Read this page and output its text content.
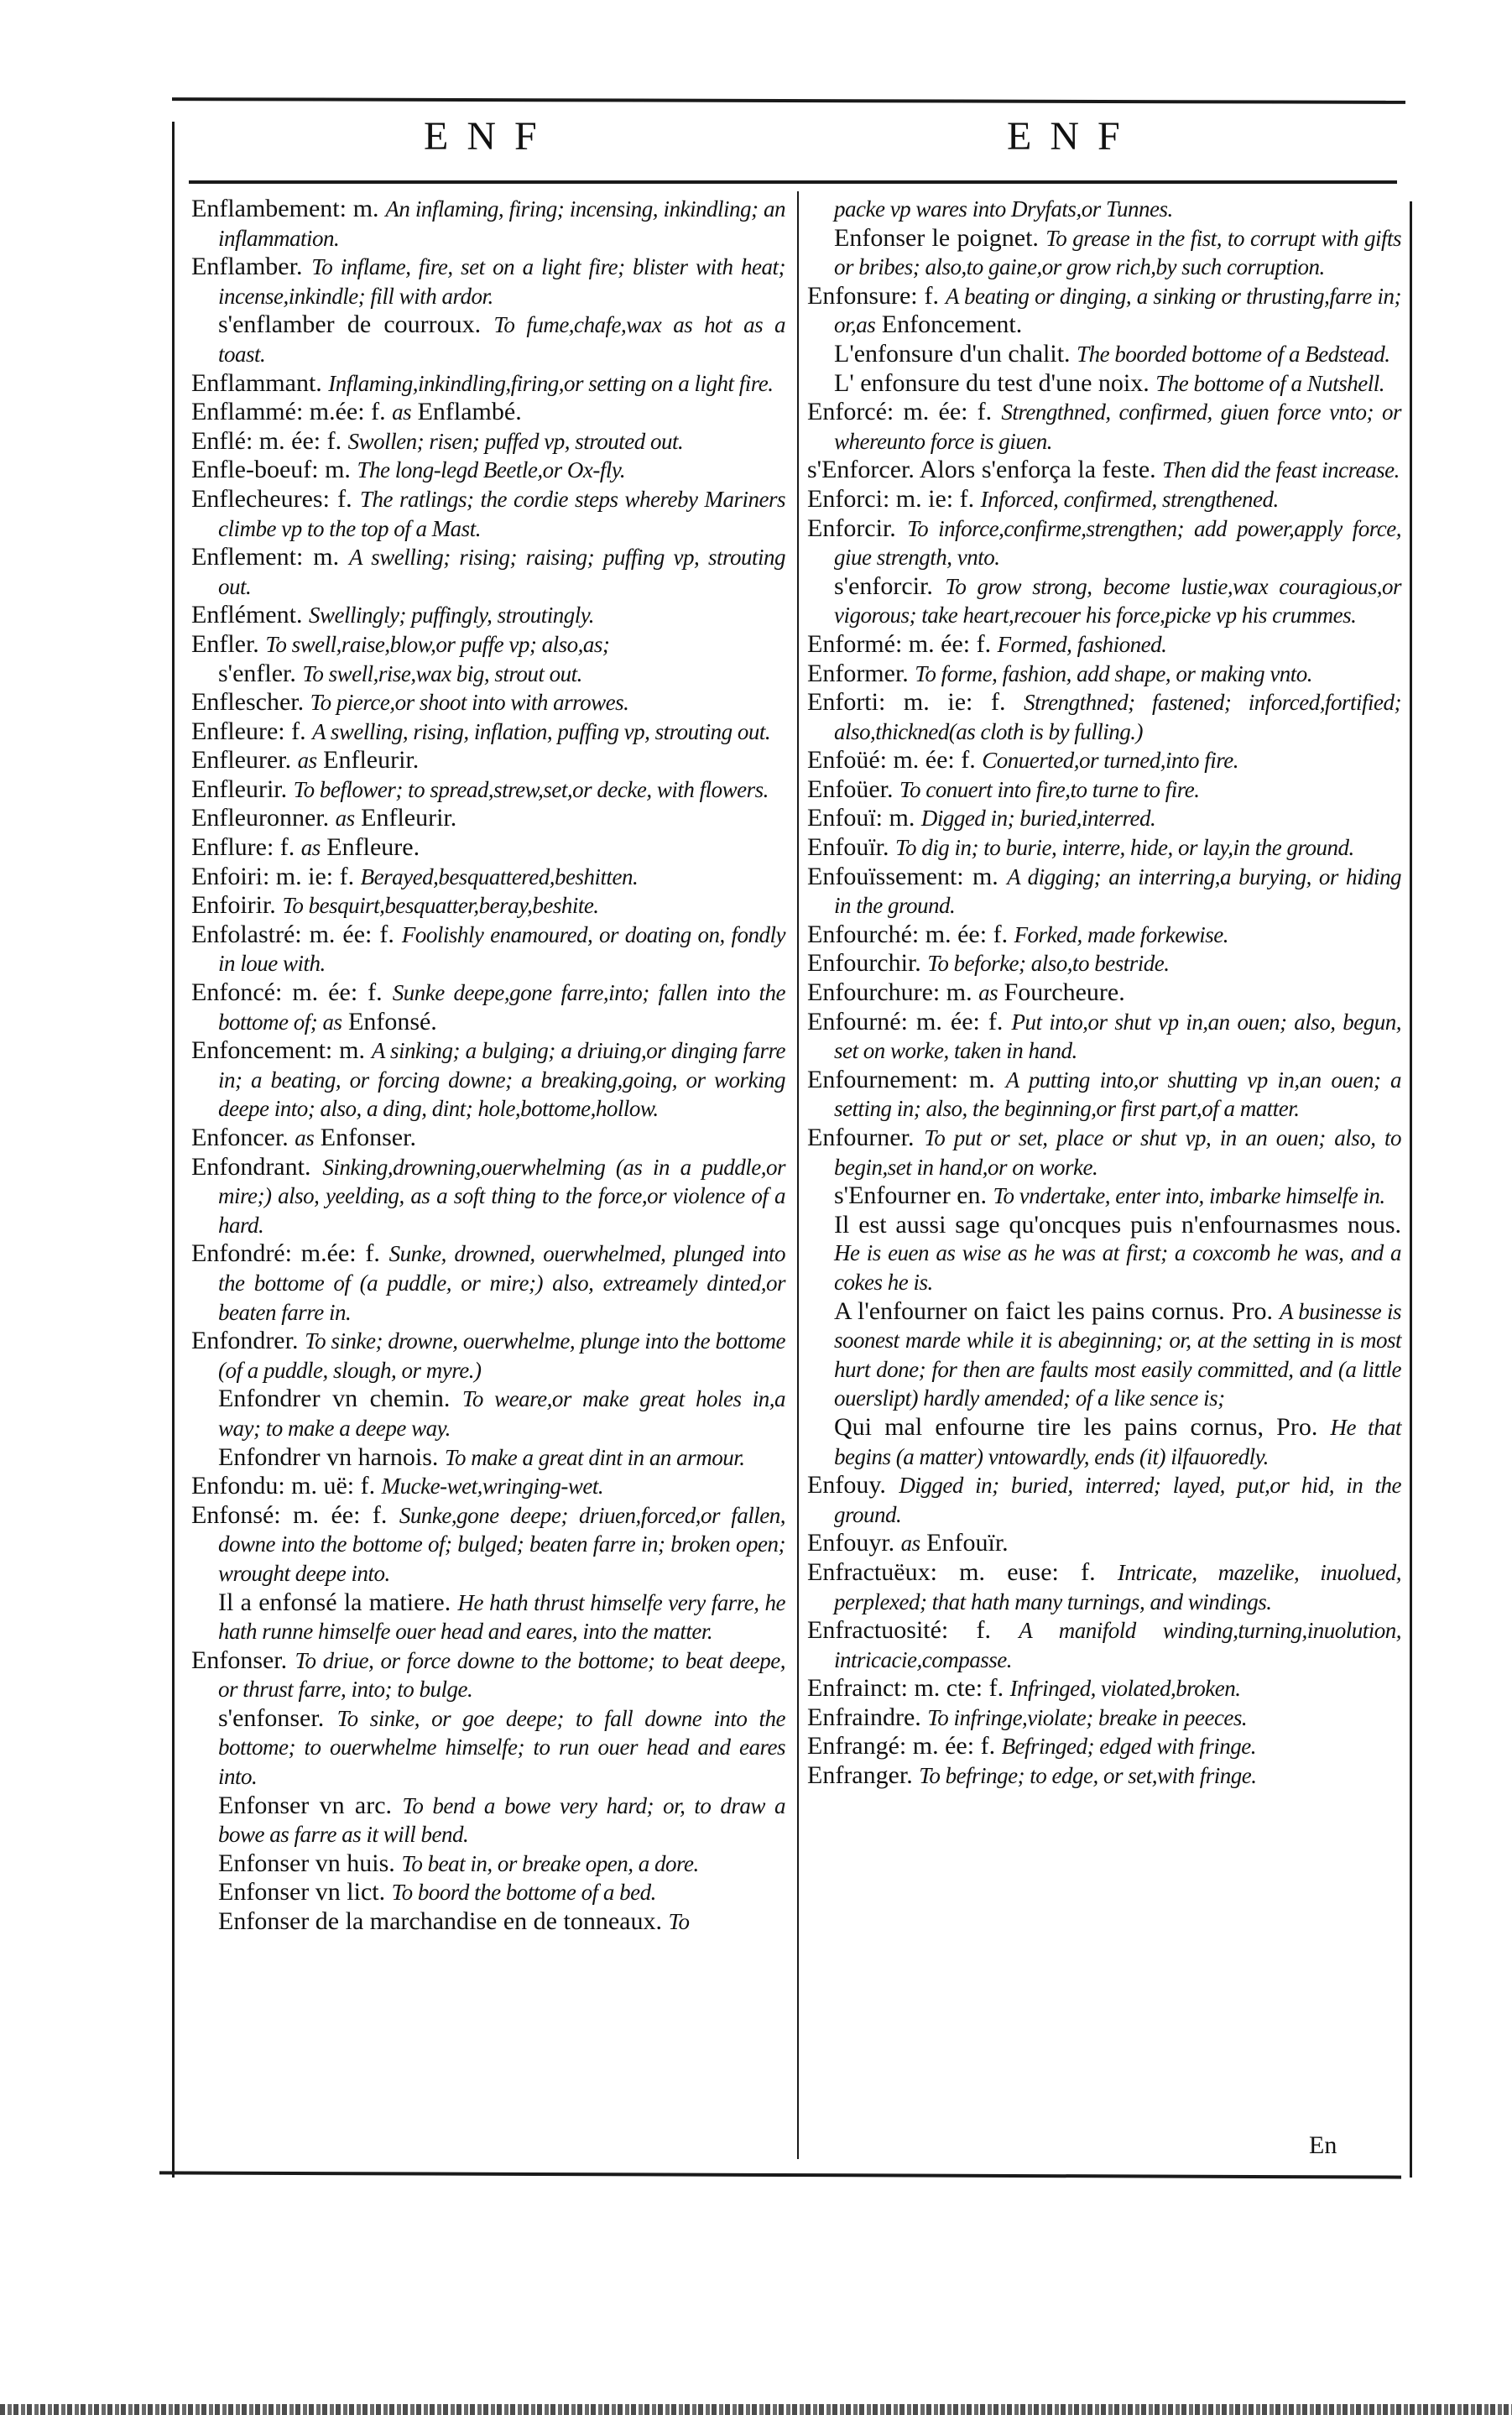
ENF	ENF

Enflambement: m. An inflaming, firing; incensing, inkindling; an inflammation.

Enflamber. To inflame, fire, set on a light fire; blister with heat; incense,inkindle; fill with ardor.

s'enflamber de courroux. To fume,chafe,wax as hot as a toast.

Enflammant. Inflaming,inkindling,firing,or setting on a light fire.

Enflammé: m.ée: f. as Enflambé.

Enflé: m. ée: f. Swollen; risen; puffed vp, strouted out.

Enfle-boeuf: m. The long-legd Beetle,or Ox-fly.

Enflecheures: f. The ratlings; the cordie steps whereby Mariners climbe vp to the top of a Mast.

Enflement: m. A swelling; rising; raising; puffing vp, strouting out.

Enflément. Swellingly; puffingly, stroutingly.

Enfler. To swell,raise,blow,or puffe vp; also,as;

s'enfler. To swell,rise,wax big, strout out.

Enflescher. To pierce,or shoot into with arrowes.

Enfleure: f. A swelling, rising, inflation, puffing vp, strouting out.

Enfleurer. as Enfleurir.

Enfleurir. To beflower; to spread,strew,set,or decke, with flowers.

Enfleuronner. as Enfleurir.

Enflure: f. as Enfleure.

Enfoiri: m. ie: f. Berayed,besquattered,beshitten.

Enfoirir. To besquirt,besquatter,beray,beshite.

Enfolastré: m. ée: f. Foolishly enamoured, or doating on, fondly in loue with.

Enfoncé: m. ée: f. Sunke deepe,gone farre,into; fallen into the bottome of; as Enfonsé.

Enfoncement: m. A sinking; a bulging; a driuing,or dinging farre in; a beating, or forcing downe; a breaking,going, or working deepe into; also, a ding, dint; hole,bottome,hollow.

Enfoncer. as Enfonser.

Enfondrant. Sinking,drowning,ouerwhelming (as in a puddle,or mire;) also, yeelding, as a soft thing to the force,or violence of a hard.

Enfondré: m.ée: f. Sunke, drowned, ouerwhelmed, plunged into the bottome of (a puddle, or mire;) also, extreamely dinted,or beaten farre in.

Enfondrer. To sinke; drowne, ouerwhelme, plunge into the bottome (of a puddle, slough, or myre.)

Enfondrer vn chemin. To weare,or make great holes in,a way; to make a deepe way.

Enfondrer vn harnois. To make a great dint in an armour.

Enfondu: m. uë: f. Mucke-wet,wringing-wet.

Enfonsé: m. ée: f. Sunke,gone deepe; driuen,forced,or fallen, downe into the bottome of; bulged; beaten farre in; broken open; wrought deepe into.

Il a enfonsé la matiere. He hath thrust himselfe very farre, he hath runne himselfe ouer head and eares, into the matter.

Enfonser. To driue, or force downe to the bottome; to beat deepe, or thrust farre, into; to bulge.

s'enfonser. To sinke, or goe deepe; to fall downe into the bottome; to ouerwhelme himselfe; to run ouer head and eares into.

Enfonser vn arc. To bend a bowe very hard; or, to draw a bowe as farre as it will bend.

Enfonser vn huis. To beat in, or breake open, a dore.

Enfonser vn lict. To boord the bottome of a bed.

Enfonser de la marchandise en de tonneaux. To

packe vp wares into Dryfats,or Tunnes.

Enfonser le poignet. To grease in the fist, to corrupt with gifts or bribes; also,to gaine,or grow rich,by such corruption.

Enfonsure: f. A beating or dinging, a sinking or thrusting,farre in; or,as Enfoncement.

L'enfonsure d'un chalit. The boorded bottome of a Bedstead.

L' enfonsure du test d'une noix. The bottome of a Nutshell.

Enforcé: m. ée: f. Strengthned, confirmed, giuen force vnto; or whereunto force is giuen.

s'Enforcer. Alors s'enforça la feste. Then did the feast increase.

Enforci: m. ie: f. Inforced, confirmed, strengthened.

Enforcir. To inforce,confirme,strengthen; add power,apply force, giue strength, vnto.

s'enforcir. To grow strong, become lustie,wax couragious,or vigorous; take heart,recouer his force,picke vp his crummes.

Enformé: m. ée: f. Formed, fashioned.

Enformer. To forme, fashion, add shape, or making vnto.

Enforti: m. ie: f. Strengthned; fastened; inforced,fortified; also,thickned(as cloth is by fulling.)

Enfoüé: m. ée: f. Conuerted,or turned,into fire.

Enfoüer. To conuert into fire,to turne to fire.

Enfouï: m. Digged in; buried,interred.

Enfouïr. To dig in; to burie, interre, hide, or lay,in the ground.

Enfouïssement: m. A digging; an interring,a burying, or hiding in the ground.

Enfourché: m. ée: f. Forked, made forkewise.

Enfourchir. To beforke; also,to bestride.

Enfourchure: m. as Fourcheure.

Enfourné: m. ée: f. Put into,or shut vp in,an ouen; also, begun, set on worke, taken in hand.

Enfournement: m. A putting into,or shutting vp in,an ouen; a setting in; also, the beginning,or first part,of a matter.

Enfourner. To put or set, place or shut vp, in an ouen; also, to begin,set in hand,or on worke.

s'Enfourner en. To vndertake, enter into, imbarke himselfe in.

Il est aussi sage qu'oncques puis n'enfournasmes nous. He is euen as wise as he was at first; a coxcomb he was, and a cokes he is.

A l'enfourner on faict les pains cornus. Pro. A businesse is soonest marde while it is abeginning; or, at the setting in is most hurt done; for then are faults most easily committed, and (a little ouerslipt) hardly amended; of a like sence is;

Qui mal enfourne tire les pains cornus, Pro. He that begins (a matter) vntowardly, ends (it) ilfauoredly.

Enfouy. Digged in; buried, interred; layed, put,or hid, in the ground.

Enfouyr. as Enfouïr.

Enfractuëux: m. euse: f. Intricate, mazelike, inuolued, perplexed; that hath many turnings, and windings.

Enfractuosité: f. A manifold winding,turning,inuolution, intricacie,compasse.

Enfrainct: m. cte: f. Infringed, violated,broken.

Enfraindre. To infringe,violate; breake in peeces.

Enfrangé: m. ée: f. Befringed; edged with fringe.

Enfranger. To befringe; to edge, or set,with fringe.

En
